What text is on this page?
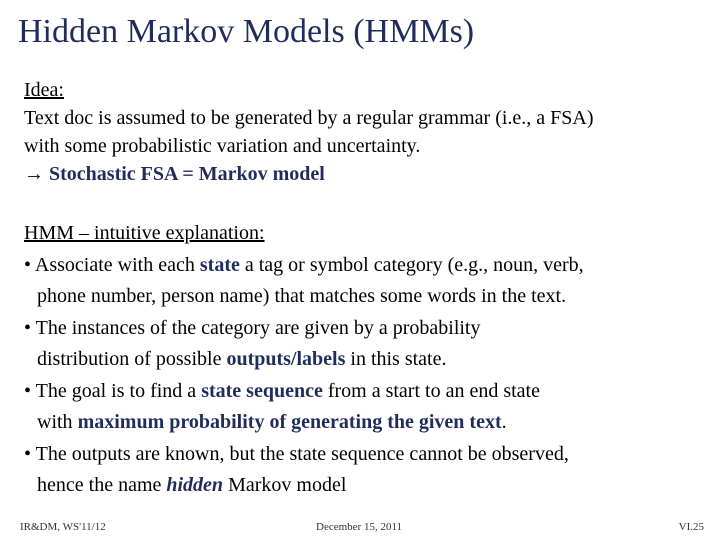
Hidden Markov Models (HMMs)
Idea:
Text doc is assumed to be generated by a regular grammar (i.e., a FSA)
with some probabilistic variation and uncertainty.
→ Stochastic FSA = Markov model
HMM – intuitive explanation:
• Associate with each state a tag or symbol category (e.g., noun, verb,
phone number, person name) that matches some words in the text.
• The instances of the category are given by a probability
distribution of possible outputs/labels in this state.
• The goal is to find a state sequence from a start to an end state
with maximum probability of generating the given text.
• The outputs are known, but the state sequence cannot be observed,
hence the name hidden Markov model
IR&DM, WS'11/12	December 15, 2011	VI.25
